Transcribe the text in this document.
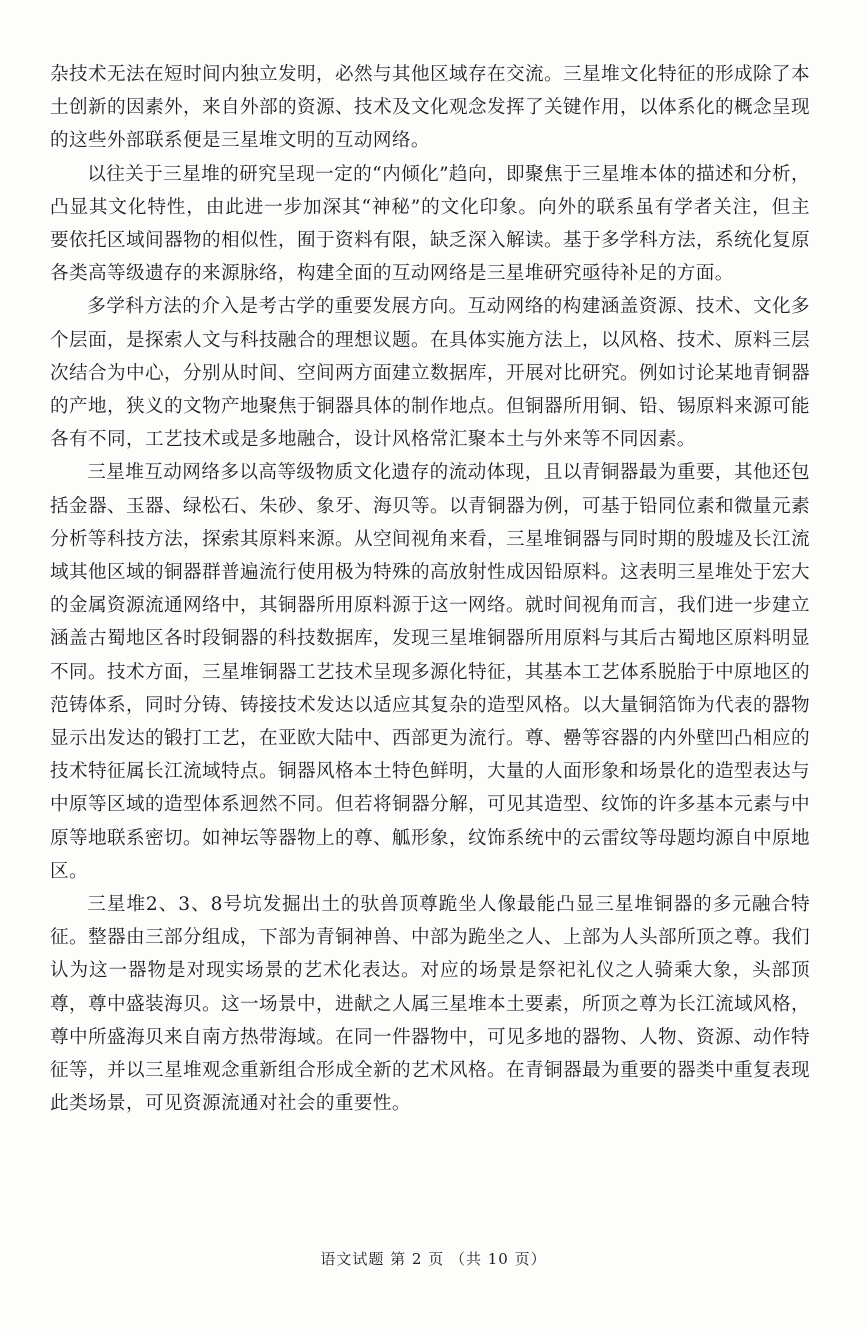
杂技术无法在短时间内独立发明，必然与其他区域存在交流。三星堆文化特征的形成除了本土创新的因素外，来自外部的资源、技术及文化观念发挥了关键作用，以体系化的概念呈现的这些外部联系便是三星堆文明的互动网络。

以往关于三星堆的研究呈现一定的“内倾化”趋向，即聚焦于三星堆本体的描述和分析，凸显其文化特性，由此进一步加深其“神秘”的文化印象。向外的联系虽有学者关注，但主要依托区域间器物的相似性，囿于资料有限，缺乏深入解读。基于多学科方法，系统化复原各类高等级遗存的来源脉络，构建全面的互动网络是三星堆研究亟待补足的方面。

多学科方法的介入是考古学的重要发展方向。互动网络的构建涵盖资源、技术、文化多个层面，是探索人文与科技融合的理想议题。在具体实施方法上，以风格、技术、原料三层次结合为中心，分别从时间、空间两方面建立数据库，开展对比研究。例如讨论某地青铜器的产地，狭义的文物产地聚焦于铜器具体的制作地点。但铜器所用铜、铅、锡原料来源可能各有不同，工艺技术或是多地融合，设计风格常汇聚本土与外来等不同因素。

三星堆互动网络多以高等级物质文化遗存的流动体现，且以青铜器最为重要，其他还包括金器、玉器、绿松石、朱砂、象牙、海贝等。以青铜器为例，可基于铅同位素和微量元素分析等科技方法，探索其原料来源。从空间视角来看，三星堆铜器与同时期的殷墟及长江流域其他区域的铜器群普遍流行使用极为特殊的高放射性成因铅原料。这表明三星堆处于宏大的金属资源流通网络中，其铜器所用原料源于这一网络。就时间视角而言，我们进一步建立涵盖古蜀地区各时段铜器的科技数据库，发现三星堆铜器所用原料与其后古蜀地区原料明显不同。技术方面，三星堆铜器工艺技术呈现多源化特征，其基本工艺体系脱胎于中原地区的范铸体系，同时分铸、铸接技术发达以适应其复杂的造型风格。以大量铜箔饰为代表的器物显示出发达的锻打工艺，在亚欧大陆中、西部更为流行。尊、罍等容器的内外壁凹凸相应的技术特征属长江流域特点。铜器风格本土特色鲜明，大量的人面形象和场景化的造型表达与中原等区域的造型体系迥然不同。但若将铜器分解，可见其造型、纹饰的许多基本元素与中原等地联系密切。如神坛等器物上的尊、觚形象，纹饰系统中的云雷纹等母题均源自中原地区。

三星堆2、3、8号坑发掘出土的驮兽顶尊跪坐人像最能凸显三星堆铜器的多元融合特征。整器由三部分组成，下部为青铜神兽、中部为跪坐之人、上部为人头部所顶之尊。我们认为这一器物是对现实场景的艺术化表达。对应的场景是祭祀礼仪之人骑乘大象，头部顶尊，尊中盛装海贝。这一场景中，进献之人属三星堆本土要素，所顶之尊为长江流域风格，尊中所盛海贝来自南方热带海域。在同一件器物中，可见多地的器物、人物、资源、动作特征等，并以三星堆观念重新组合形成全新的艺术风格。在青铜器最为重要的器类中重复表现此类场景，可见资源流通对社会的重要性。

语文试题 第 2 页 （共 10 页）
